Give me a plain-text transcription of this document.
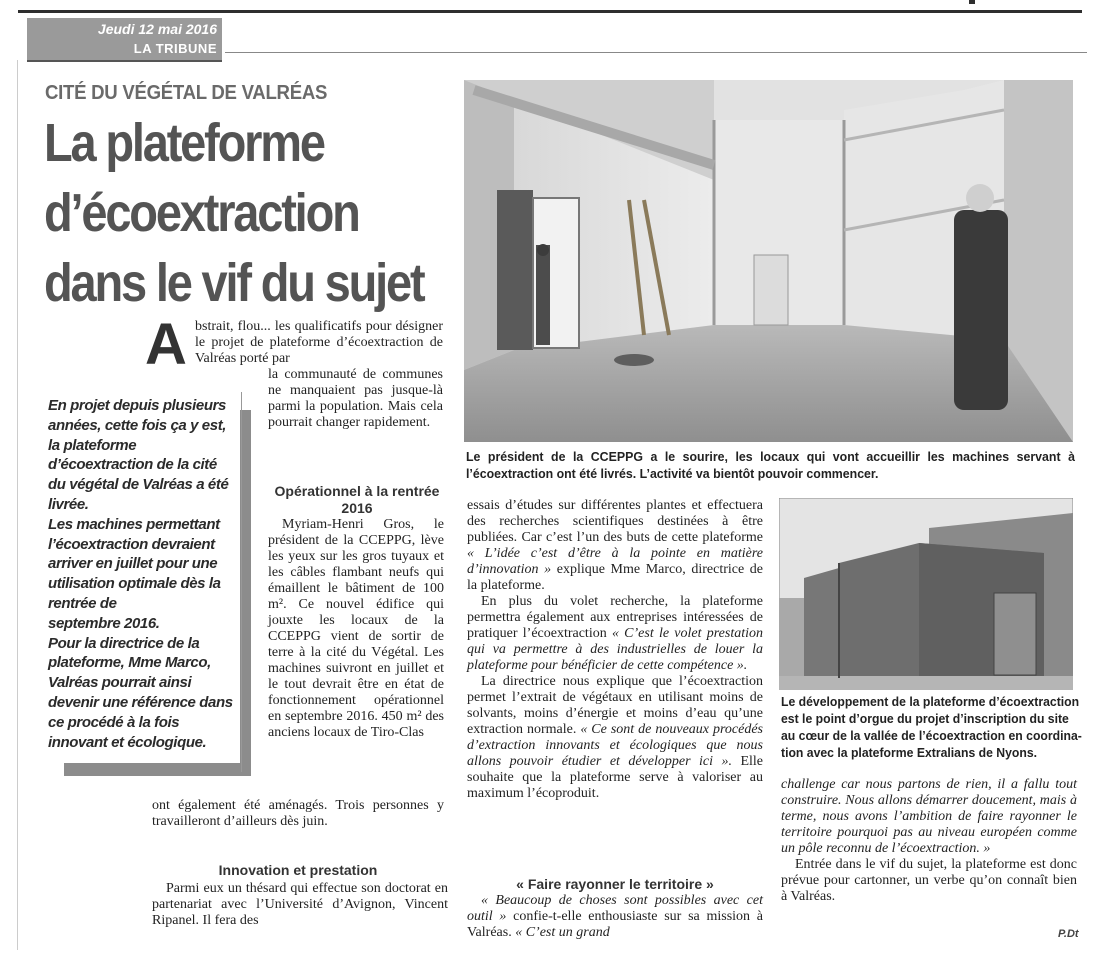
Jeudi 12 mai 2016
LA TRIBUNE
CITÉ DU VÉGÉTAL DE VALRÉAS
La plateforme
d’écoextraction
dans le vif du sujet
A bstrait, flou... les qualificatifs pour désigner le projet de plateforme d’écoextraction de Valréas porté par
la communauté de communes ne manquaient pas jusque-là parmi la population. Mais cela pourrait changer rapidement.

En projet depuis plusieurs

années, cette fois ça y est,

la plateforme

d’écoextraction de la cité

du végétal de Valréas a été

livrée.

Les machines permettant

l’écoextraction devraient

arriver en juillet pour une

utilisation optimale dès la

rentrée de

septembre 2016.

Pour la directrice de la

plateforme, Mme Marco,

Valréas pourrait ainsi

devenir une référence dans

ce procédé à la fois

innovant et écologique.

Opérationnel à la rentrée 2016
Myriam-Henri Gros, le président de la CCEPPG, lève les yeux sur les gros tuyaux et les câbles flambant neufs qui émaillent le bâtiment de 100 m². Ce nouvel édifice qui jouxte les locaux de la CCEPPG vient de sortir de terre à la cité du Végétal. Les machines suivront en juillet et le tout devrait être en état de fonctionnement opérationnel en septembre 2016. 450 m² des anciens locaux de Tiro-Clas
ont également été aménagés. Trois personnes y travailleront d’ailleurs dès juin.
Innovation et prestation
Parmi eux un thésard qui effectue son doctorat en partenariat avec l’Université d’Avignon, Vincent Ripanel. Il fera des

essais d’études sur différentes plantes et effectuera des recherches scientifiques destinées à être publiées. Car c’est l’un des buts de cette plateforme « L’idée c’est d’être à la pointe en matière d’innovation » explique Mme Marco, directrice de la plateforme.

En plus du volet recherche, la plateforme permettra également aux entreprises intéressées de pratiquer l’écoextraction « C’est le volet prestation qui va permettre à des industrielles de louer la plateforme pour bénéficier de cette compétence ».

La directrice nous explique que l’écoextraction permet l’extrait de végétaux en utilisant moins de solvants, moins d’énergie et moins d’eau qu’une extraction normale. « Ce sont de nouveaux procédés d’extraction innovants et écologiques que nous allons pouvoir étudier et développer ici ». Elle souhaite que la plateforme serve à valoriser au maximum l’écoproduit.

« Faire rayonner le territoire »
« Beaucoup de choses sont possibles avec cet outil » confie-t-elle enthousiaste sur sa mission à Valréas. « C’est un grand

challenge car nous partons de rien, il a fallu tout construire. Nous allons démarrer doucement, mais à terme, nous avons l’ambition de faire rayonner le territoire pourquoi pas au niveau européen comme un pôle reconnu de l’écoextraction. »

Entrée dans le vif du sujet, la plateforme est donc prévue pour cartonner, un verbe qu’on connaît bien à Valréas.

Le président de la CCEPPG a le sourire, les locaux qui vont accueillir les machines servant à l’écoextraction ont été livrés. L’activité va bientôt pouvoir commencer.

Le développement de la plateforme d’écoextraction

est le point d’orgue du projet d’inscription du site

au cœur de la vallée de l’écoextraction en coordina-

tion avec la plateforme Extralians de Nyons.

P.Dt
